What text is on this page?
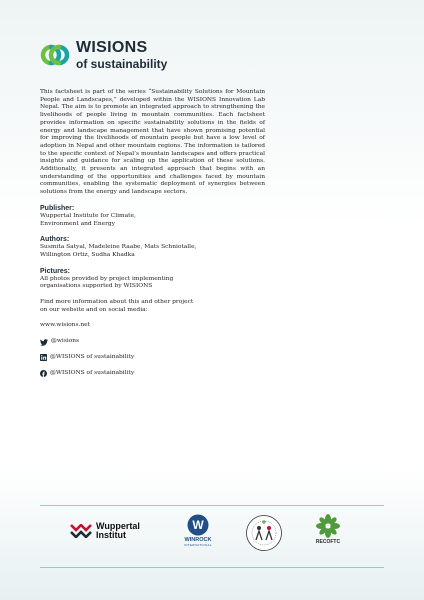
WISIONS
of sustainability

This factsheet is part of the series “Sustainability Solutions for Mountain People and Landscapes,” developed within the WISIONS Innovation Lab Nepal. The aim is to promote an integrated approach to strengthening the livelihoods of people living in mountain communities. Each factsheet provides information on specific sustainability solutions in the fields of energy and landscape management that have shown promising potential for improving the livelihoods of mountain people but have a low level of adoption in Nepal and other mountain regions. The information is tailored to the specific context of Nepal’s mountain landscapes and offers practical insights and guidance for scaling up the application of these solutions. Additionally, it presents an integrated approach that begins with an understanding of the opportunities and challenges faced by mountain communities, enabling the systematic deployment of synergies between solutions from the energy and landscape sectors.

Publisher:
Wuppertal Institute for Climate,
Environment and Energy
Authors:
Susmita Satyal, Madeleine Raabe, Mats Schniotalle,
Willington Ortiz, Sudha Khadka
Pictures:
All photos provided by project implementing
organisations supported by WISIONS
Find more information about this and other project
on our website and on social media:
www.wisions.net
@wisions
@WISIONS of sustainability
@WISIONS of sustainability
Wuppertal
Institut
W
WINROCK
INTERNATIONAL	RECOFTC
